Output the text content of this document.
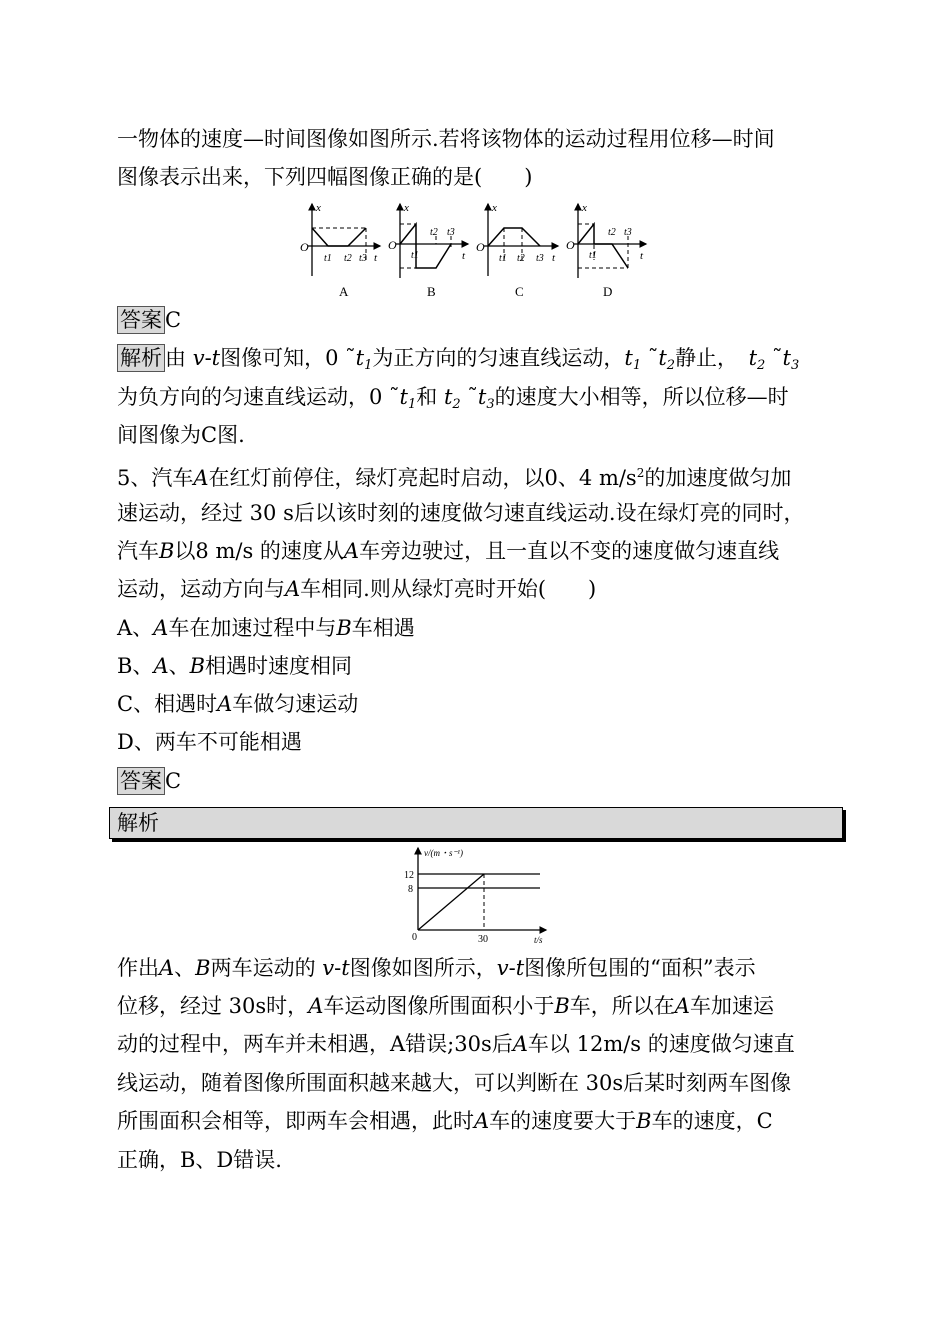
一物体的速度—时间图像如图所示.若将该物体的运动过程用位移—时间
图像表示出来，下列四幅图像正确的是(　　)
x
O
t
t1 t2 t3
A
x
O
t
t1
t2 t3
B
x
O
t
t1 t2 t3
C
x
O
t
t1
t2 t3
D
答案 C
解析 由 v-t图像可知，0 $˜t_1$为正方向的匀速直线运动，$t_1$ $˜t_2$静止，　 $t_2$ $˜t_3$
为负方向的匀速直线运动，0 $˜t_1$和 $t_2$ $˜t_3$的速度大小相等，所以位移—时
间图像为C图.
5、汽车A在红灯前停住，绿灯亮起时启动，以0、4 $m/s^2$的加速度做匀加
速运动，经过 30 s后以该时刻的速度做匀速直线运动.设在绿灯亮的同时，
汽车B以8 m/s 的速度从A车旁边驶过，且一直以不变的速度做匀速直线
运动，运动方向与A车相同.则从绿灯亮时开始(　　)
A、A车在加速过程中与B车相遇
B、A、B相遇时速度相同
C、相遇时A车做匀速运动
D、两车不可能相遇
答案 C
解析
v/(m・s⁻¹)
12
8
0	30	t/s
作出A、B两车运动的 v-t图像如图所示，v-t图像所包围的“面积”表示
位移，经过 30s时，A车运动图像所围面积小于B车，所以在A车加速运
动的过程中，两车并未相遇，A错误;30s后A车以 12m/s 的速度做匀速直
线运动，随着图像所围面积越来越大，可以判断在 30s后某时刻两车图像
所围面积会相等，即两车会相遇，此时A车的速度要大于B车的速度，C
正确，B、D错误.
